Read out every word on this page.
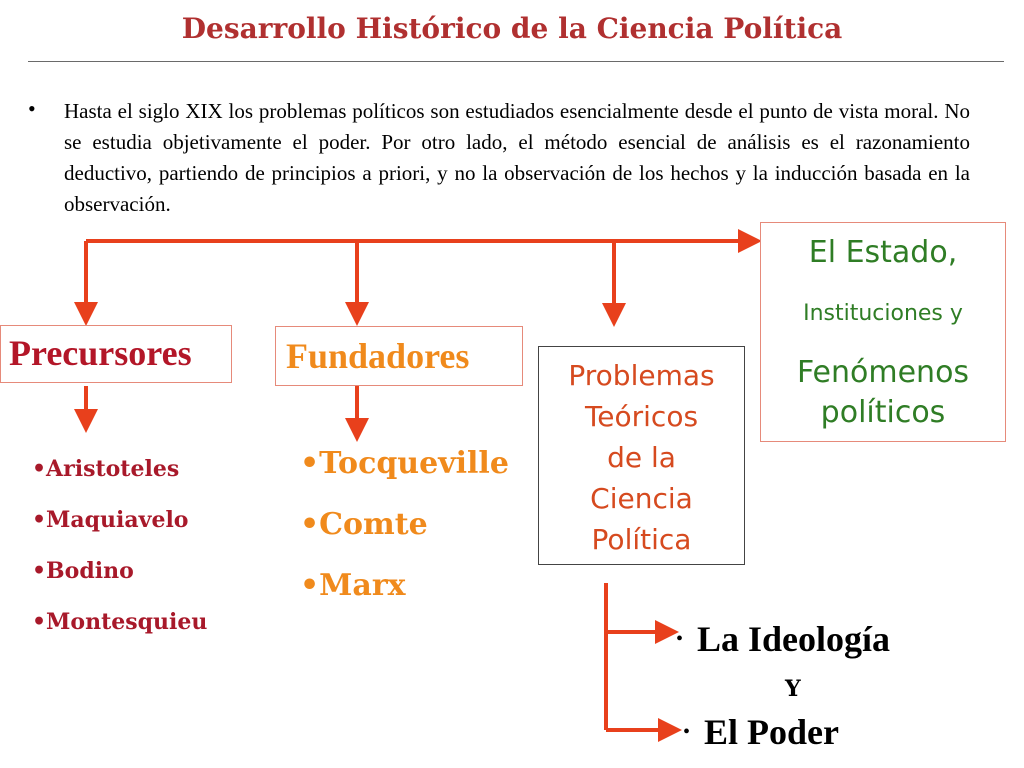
Desarrollo Histórico de la Ciencia Política
• Hasta el siglo XIX los problemas políticos son estudiados esencialmente desde el punto de vista moral. No se estudia objetivamente el poder. Por otro lado, el método esencial de análisis es el razonamiento deductivo, partiendo de principios a priori, y no la observación de los hechos y la inducción basada en la observación.
Precursores	Fundadores	Problemas
Teóricos
de la
Ciencia
Política
El Estado,
Instituciones y
Fenómenos
políticos
•Aristoteles
•Maquiavelo
•Bodino
•Montesquieu
•Tocqueville
•Comte
•Marx
• La Ideología
Y
• El Poder
